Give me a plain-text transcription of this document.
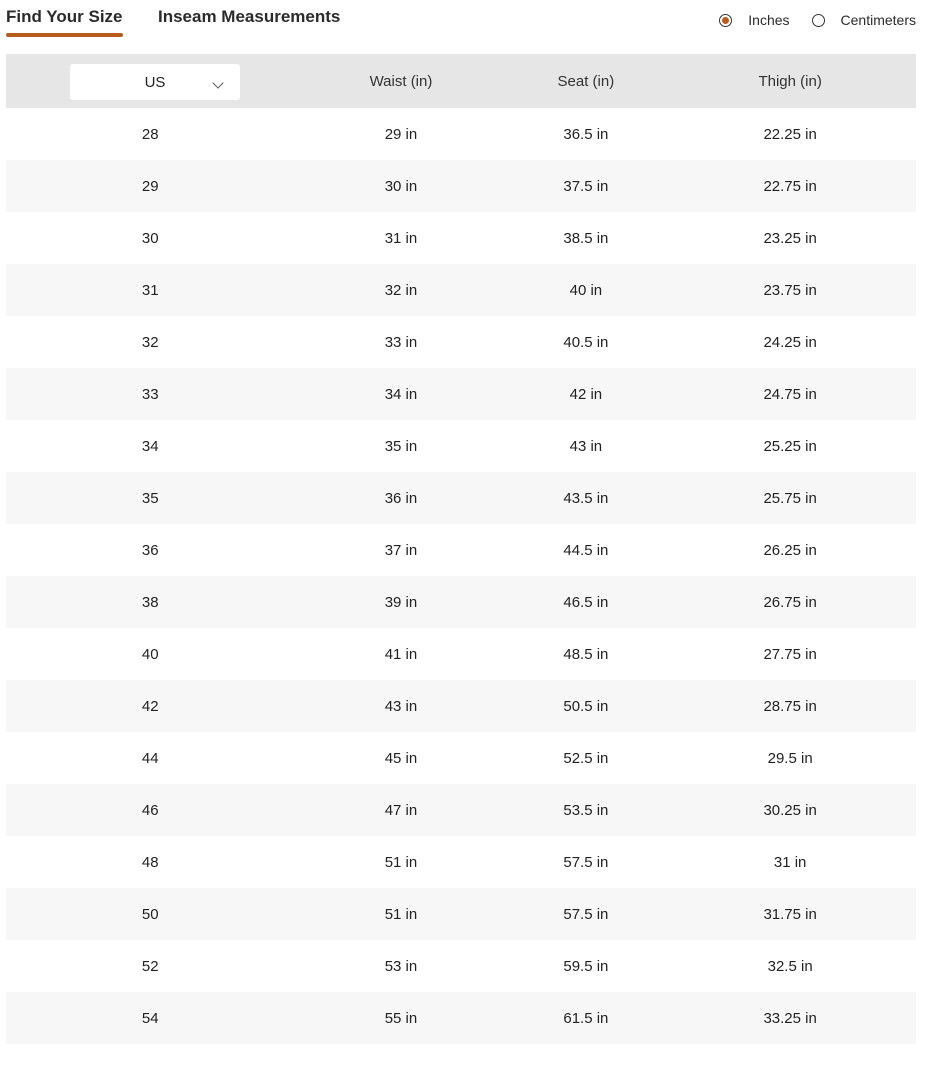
Find Your Size Inseam Measurements	Inches	Centimeters
US	Waist (in)	Seat (in)	Thigh (in)
28	29 in	36.5 in	22.25 in
29	30 in	37.5 in	22.75 in
30	31 in	38.5 in	23.25 in
31	32 in	40 in	23.75 in
32	33 in	40.5 in	24.25 in
33	34 in	42 in	24.75 in
34	35 in	43 in	25.25 in
35	36 in	43.5 in	25.75 in
36	37 in	44.5 in	26.25 in
38	39 in	46.5 in	26.75 in
40	41 in	48.5 in	27.75 in
42	43 in	50.5 in	28.75 in
44	45 in	52.5 in	29.5 in
46	47 in	53.5 in	30.25 in
48	51 in	57.5 in	31 in
50	51 in	57.5 in	31.75 in
52	53 in	59.5 in	32.5 in
54	55 in	61.5 in	33.25 in
